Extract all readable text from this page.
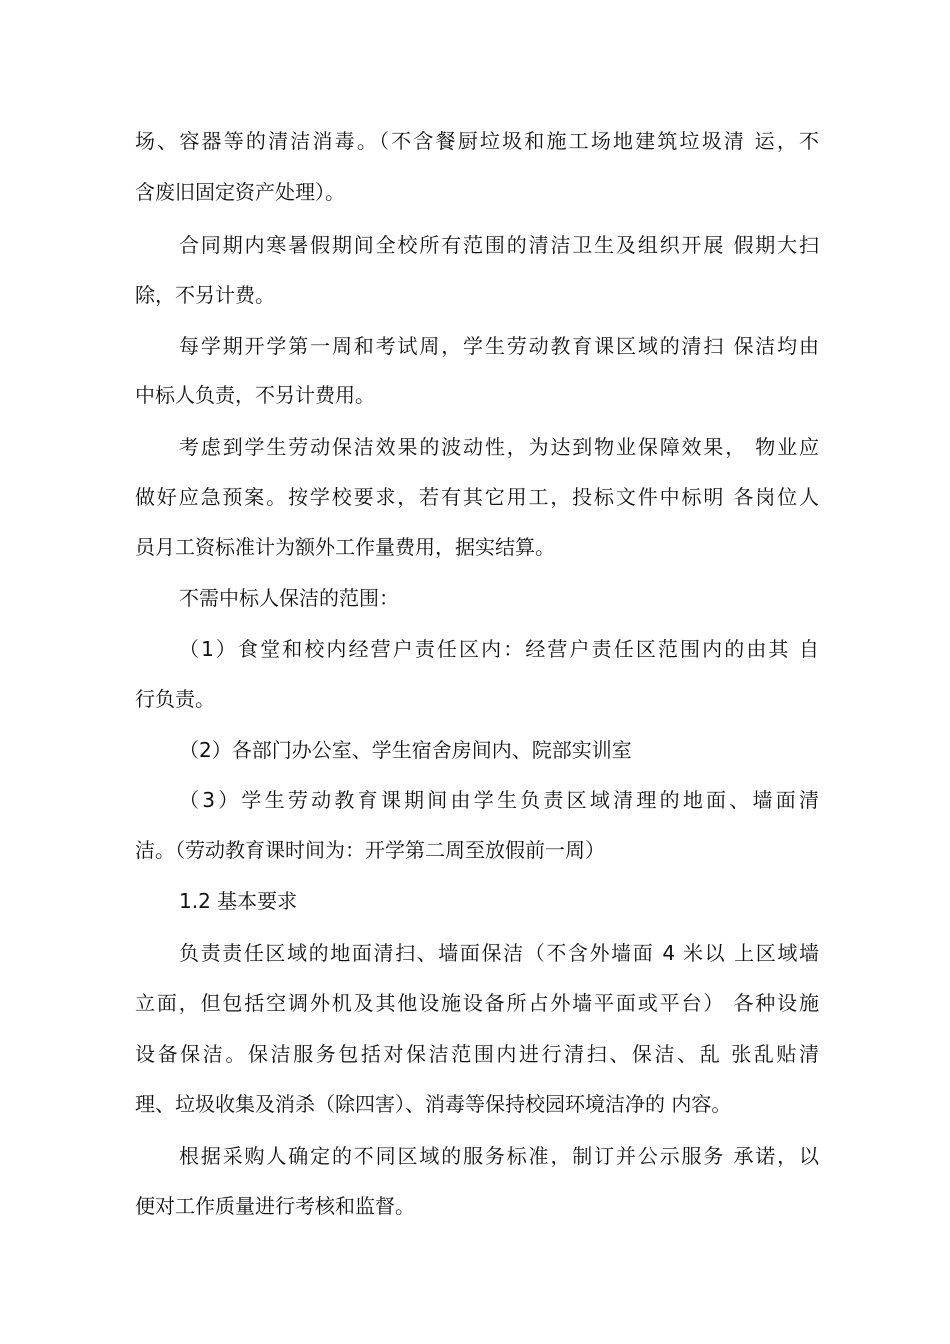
场、容器等的清洁消毒。（不含餐厨垃圾和施工场地建筑垃圾清 运，不
含废旧固定资产处理）。
合同期内寒暑假期间全校所有范围的清洁卫生及组织开展 假期大扫
除，不另计费。
每学期开学第一周和考试周，学生劳动教育课区域的清扫 保洁均由
中标人负责，不另计费用。
考虑到学生劳动保洁效果的波动性，为达到物业保障效果， 物业应
做好应急预案。按学校要求，若有其它用工，投标文件中标明 各岗位人
员月工资标准计为额外工作量费用，据实结算。
不需中标人保洁的范围：
（1）食堂和校内经营户责任区内：经营户责任区范围内的由其 自
行负责。
（2）各部门办公室、学生宿舍房间内、院部实训室
（3）学生劳动教育课期间由学生负责区域清理的地面、墙面清
洁。（劳动教育课时间为：开学第二周至放假前一周）
1.2 基本要求
负责责任区域的地面清扫、墙面保洁（不含外墙面 4 米以 上区域墙
立面，但包括空调外机及其他设施设备所占外墙平面或平台） 各种设施
设备保洁。保洁服务包括对保洁范围内进行清扫、保洁、乱 张乱贴清
理、垃圾收集及消杀（除四害）、消毒等保持校园环境洁净的 内容。
根据采购人确定的不同区域的服务标准，制订并公示服务 承诺，以
便对工作质量进行考核和监督。
